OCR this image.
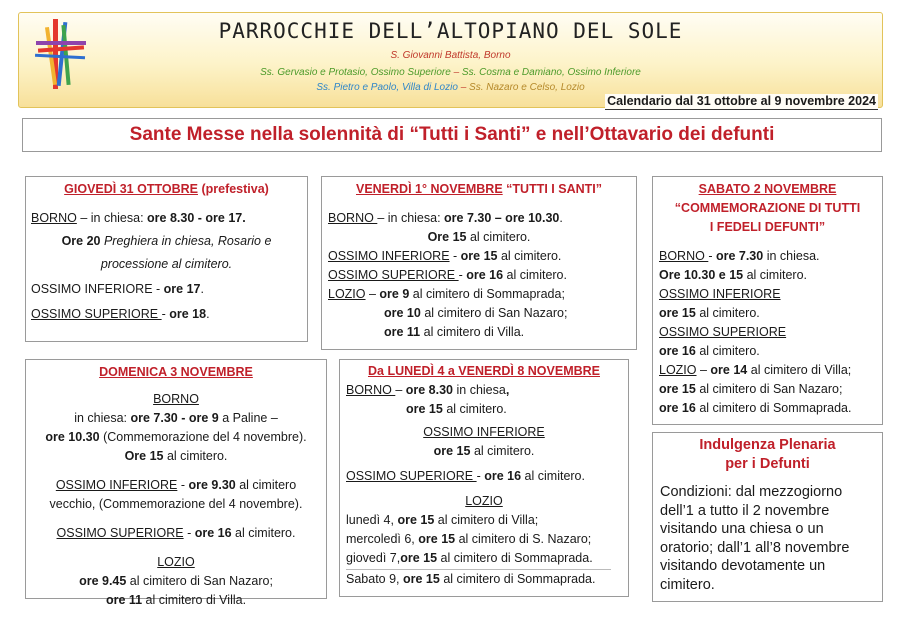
PARROCCHIE DELL’ALTOPIANO DEL SOLE
S. Giovanni Battista, Borno
Ss. Gervasio e Protasio, Ossimo Superiore – Ss. Cosma e Damiano, Ossimo Inferiore
Ss. Pietro e Paolo, Villa di Lozio – Ss. Nazaro e Celso, Lozio
Calendario dal 31 ottobre al 9 novembre 2024
Sante Messe nella solennità di “Tutti i Santi” e nell’Ottavario dei defunti
GIOVEDÌ 31 OTTOBRE (prefestiva)
BORNO – in chiesa: ore 8.30 - ore 17.
Ore 20 Preghiera in chiesa, Rosario e
processione al cimitero.
OSSIMO INFERIORE - ore 17.
OSSIMO SUPERIORE - ore 18.
VENERDÌ 1° NOVEMBRE “TUTTI I SANTI”
BORNO – in chiesa: ore 7.30 – ore 10.30.
Ore 15 al cimitero.
OSSIMO INFERIORE - ore 15 al cimitero.
OSSIMO SUPERIORE - ore 16 al cimitero.
LOZIO – ore 9 al cimitero di Sommaprada;
ore 10 al cimitero di San Nazaro;
ore 11 al cimitero di Villa.
SABATO 2 NOVEMBRE
“COMMEMORAZIONE DI TUTTI
I FEDELI DEFUNTI”
BORNO - ore 7.30 in chiesa.
Ore 10.30 e 15 al cimitero.
OSSIMO INFERIORE
ore 15 al cimitero.
OSSIMO SUPERIORE
ore 16 al cimitero.
LOZIO – ore 14 al cimitero di Villa;
ore 15 al cimitero di San Nazaro;
ore 16 al cimitero di Sommaprada.
DOMENICA 3 NOVEMBRE
BORNO
in chiesa: ore 7.30 - ore 9 a Paline –
ore 10.30 (Commemorazione del 4 novembre).
Ore 15 al cimitero.
OSSIMO INFERIORE - ore 9.30 al cimitero
vecchio, (Commemorazione del 4 novembre).
OSSIMO SUPERIORE - ore 16 al cimitero.
LOZIO
ore 9.45 al cimitero di San Nazaro;
ore 11 al cimitero di Villa.
Da LUNEDÌ 4 a VENERDÌ 8 NOVEMBRE
BORNO – ore 8.30 in chiesa,
ore 15 al cimitero.
OSSIMO INFERIORE
ore 15 al cimitero.
OSSIMO SUPERIORE - ore 16 al cimitero.
LOZIO
lunedì 4, ore 15 al cimitero di Villa;
mercoledì 6, ore 15 al cimitero di S. Nazaro;
giovedì 7,ore 15 al cimitero di Sommaprada.
Sabato 9, ore 15 al cimitero di Sommaprada.
Indulgenza Plenaria
per i Defunti
Condizioni: dal mezzogiorno dell’1 a tutto il 2 novembre visitando una chiesa o un oratorio; dall’1 all’8 novembre visitando devotamente un cimitero.
